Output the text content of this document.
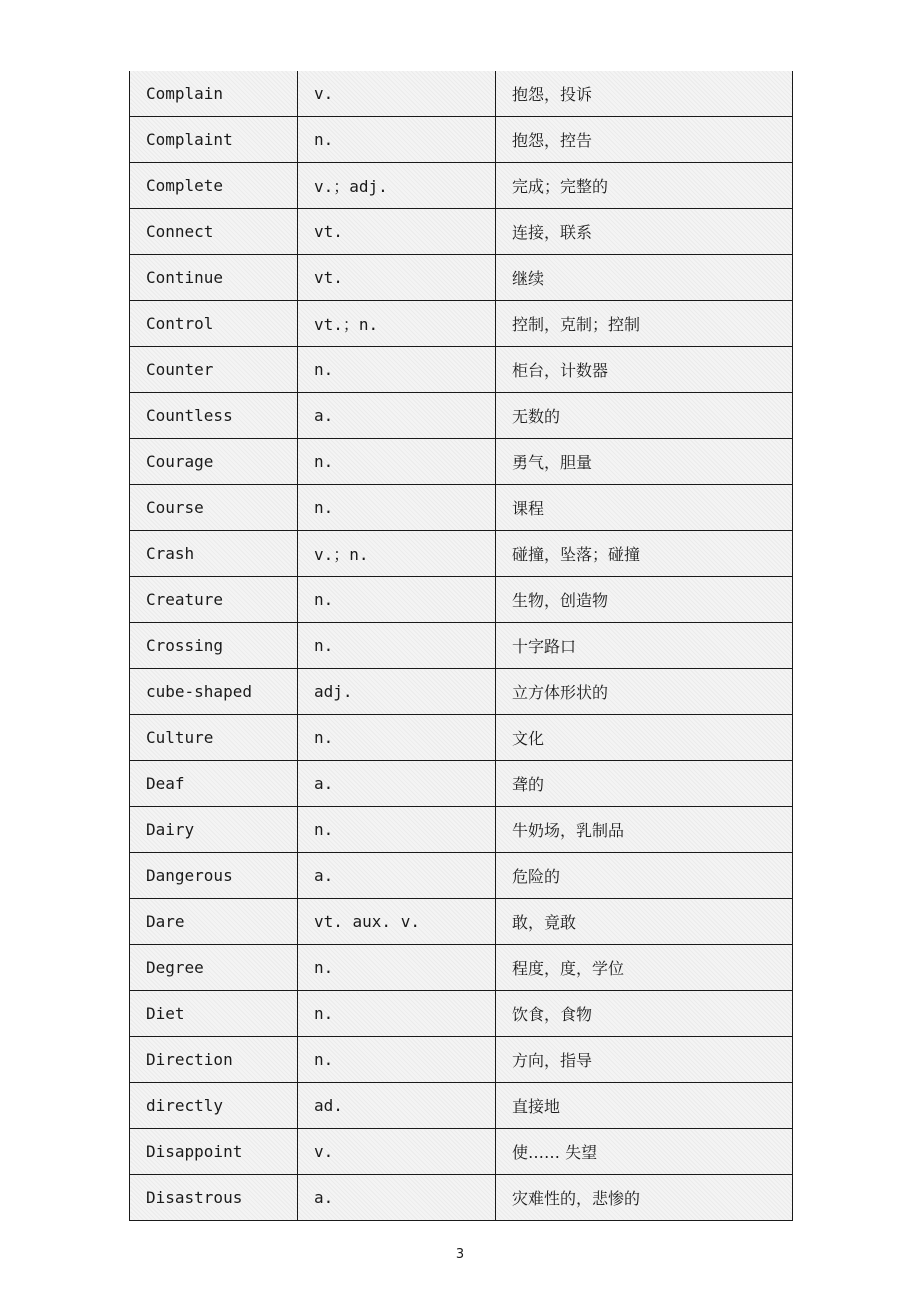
Complain	v.	抱怨，投诉
Complaint	n.	抱怨，控告
Complete	v.；adj.	完成；完整的
Connect	vt.	连接，联系
Continue	vt.	继续
Control	vt.；n.	控制，克制；控制
Counter	n.	柜台，计数器
Countless	a.	无数的
Courage	n.	勇气，胆量
Course	n.	课程
Crash	v.；n.	碰撞，坠落；碰撞
Creature	n.	生物，创造物
Crossing	n.	十字路口
cube-shaped	adj.	立方体形状的
Culture	n.	文化
Deaf	a.	聋的
Dairy	n.	牛奶场，乳制品
Dangerous	a.	危险的
Dare	vt. aux. v.	敢，竟敢
Degree	n.	程度，度，学位
Diet	n.	饮食，食物
Direction	n.	方向，指导
directly	ad.	直接地
Disappoint	v.	使…… 失望
Disastrous	a.	灾难性的，悲惨的
3
